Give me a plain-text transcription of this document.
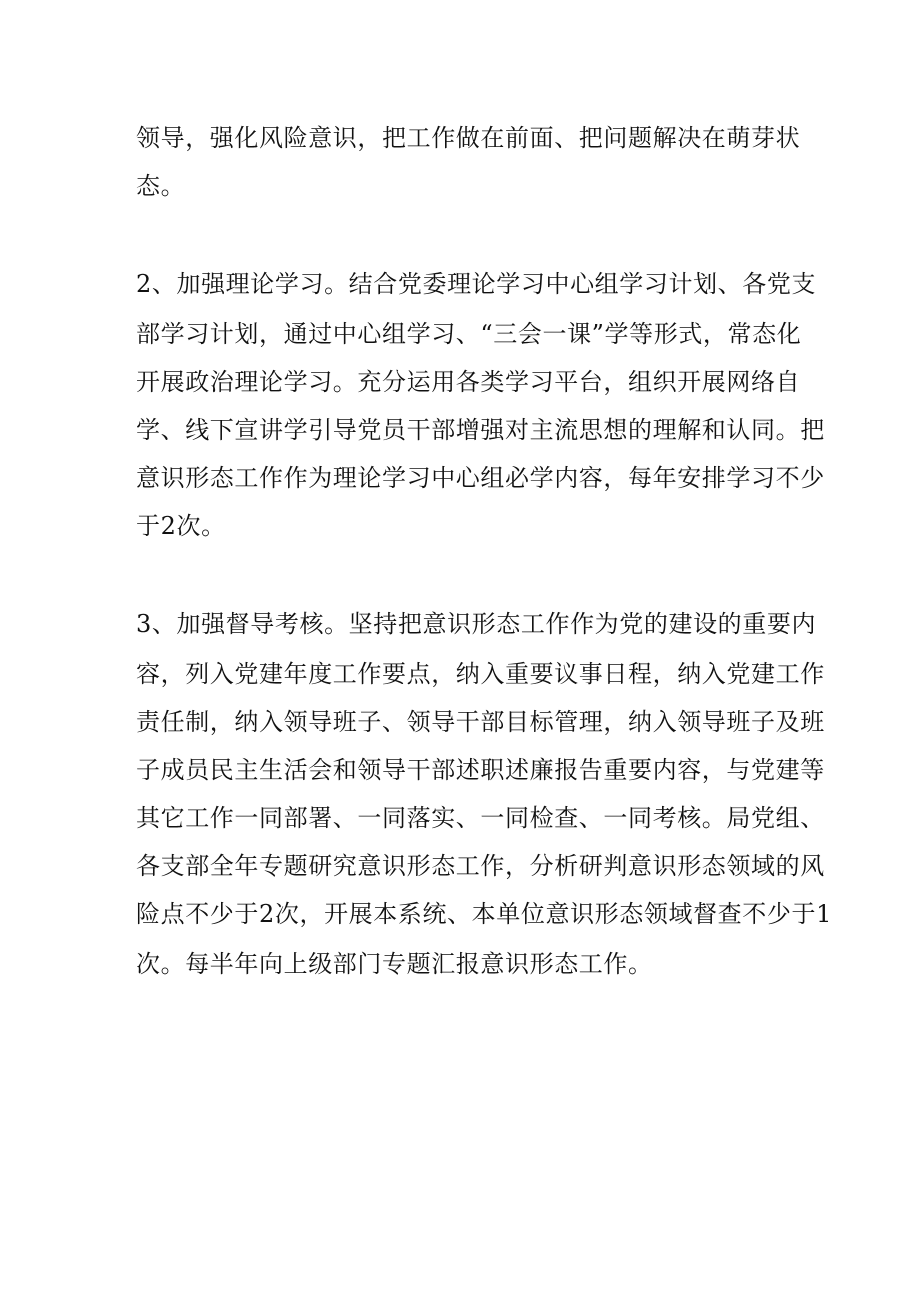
领导，强化风险意识，把工作做在前面、把问题解决在萌芽状
态。
2、加强理论学习。结合党委理论学习中心组学习计划、各党支
部学习计划，通过中心组学习、“三会一课”学等形式，常态化
开展政治理论学习。充分运用各类学习平台，组织开展网络自
学、线下宣讲学引导党员干部增强对主流思想的理解和认同。把
意识形态工作作为理论学习中心组必学内容，每年安排学习不少
于2次。
3、加强督导考核。坚持把意识形态工作作为党的建设的重要内
容，列入党建年度工作要点，纳入重要议事日程，纳入党建工作
责任制，纳入领导班子、领导干部目标管理，纳入领导班子及班
子成员民主生活会和领导干部述职述廉报告重要内容，与党建等
其它工作一同部署、一同落实、一同检查、一同考核。局党组、
各支部全年专题研究意识形态工作，分析研判意识形态领域的风
险点不少于2次，开展本系统、本单位意识形态领域督查不少于1
次。每半年向上级部门专题汇报意识形态工作。
